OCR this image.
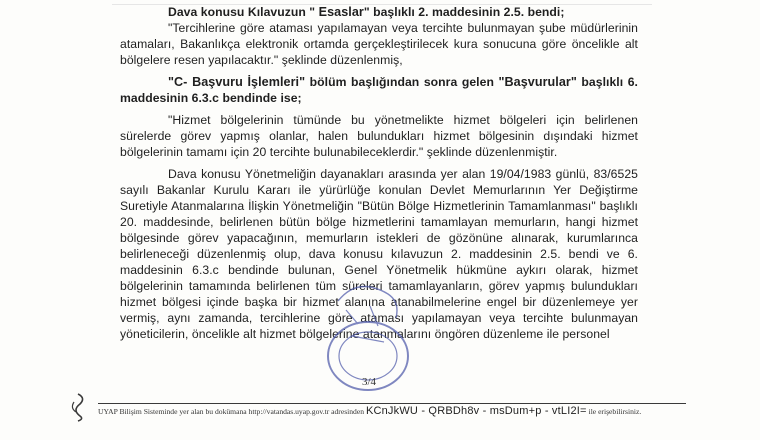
Dava konusu Kılavuzun " Esaslar" başlıklı 2. maddesinin 2.5. bendi;

"Tercihlerine göre ataması yapılamayan veya tercihte bulunmayan şube müdürlerinin atamaları, Bakanlıkça elektronik ortamda gerçekleştirilecek kura sonucuna göre öncelikle alt bölgelere resen yapılacaktır." şeklinde düzenlenmiş,

"C- Başvuru İşlemleri" bölüm başlığından sonra gelen "Başvurular" başlıklı 6. maddesinin 6.3.c bendinde ise;

"Hizmet bölgelerinin tümünde bu yönetmelikte hizmet bölgeleri için belirlenen sürelerde görev yapmış olanlar, halen bulundukları hizmet bölgesinin dışındaki hizmet bölgelerinin tamamı için 20 tercihte bulunabileceklerdir." şeklinde düzenlenmiştir.

Dava konusu Yönetmeliğin dayanakları arasında yer alan 19/04/1983 günlü, 83/6525 sayılı Bakanlar Kurulu Kararı ile yürürlüğe konulan Devlet Memurlarının Yer Değiştirme Suretiyle Atanmalarına İlişkin Yönetmeliğin "Bütün Bölge Hizmetlerinin Tamamlanması" başlıklı 20. maddesinde, belirlenen bütün bölge hizmetlerini tamamlayan memurların, hangi hizmet bölgesinde görev yapacağının, memurların istekleri de gözönüne alınarak, kurumlarınca belirleneceği düzenlenmiş olup, dava konusu kılavuzun 2. maddesinin 2.5. bendi ve 6. maddesinin 6.3.c bendinde bulunan, Genel Yönetmelik hükmüne aykırı olarak, hizmet bölgelerinin tamamında belirlenen tüm süreleri tamamlayanların, görev yapmış bulundukları hizmet bölgesi içinde başka bir hizmet alanına atanabilmelerine engel bir düzenlemeye yer vermiş, aynı zamanda, tercihlerine göre ataması yapılamayan veya tercihte bulunmayan yöneticilerin, öncelikle alt hizmet bölgelerine atanmalarını öngören düzenleme ile personel

3/4
UYAP Bilişim Sisteminde yer alan bu dokümana http://vatandas.uyap.gov.tr adresinden KCnJkWU - QRBDh8v - msDum+p - vtLI2I= ile erişebilirsiniz.
